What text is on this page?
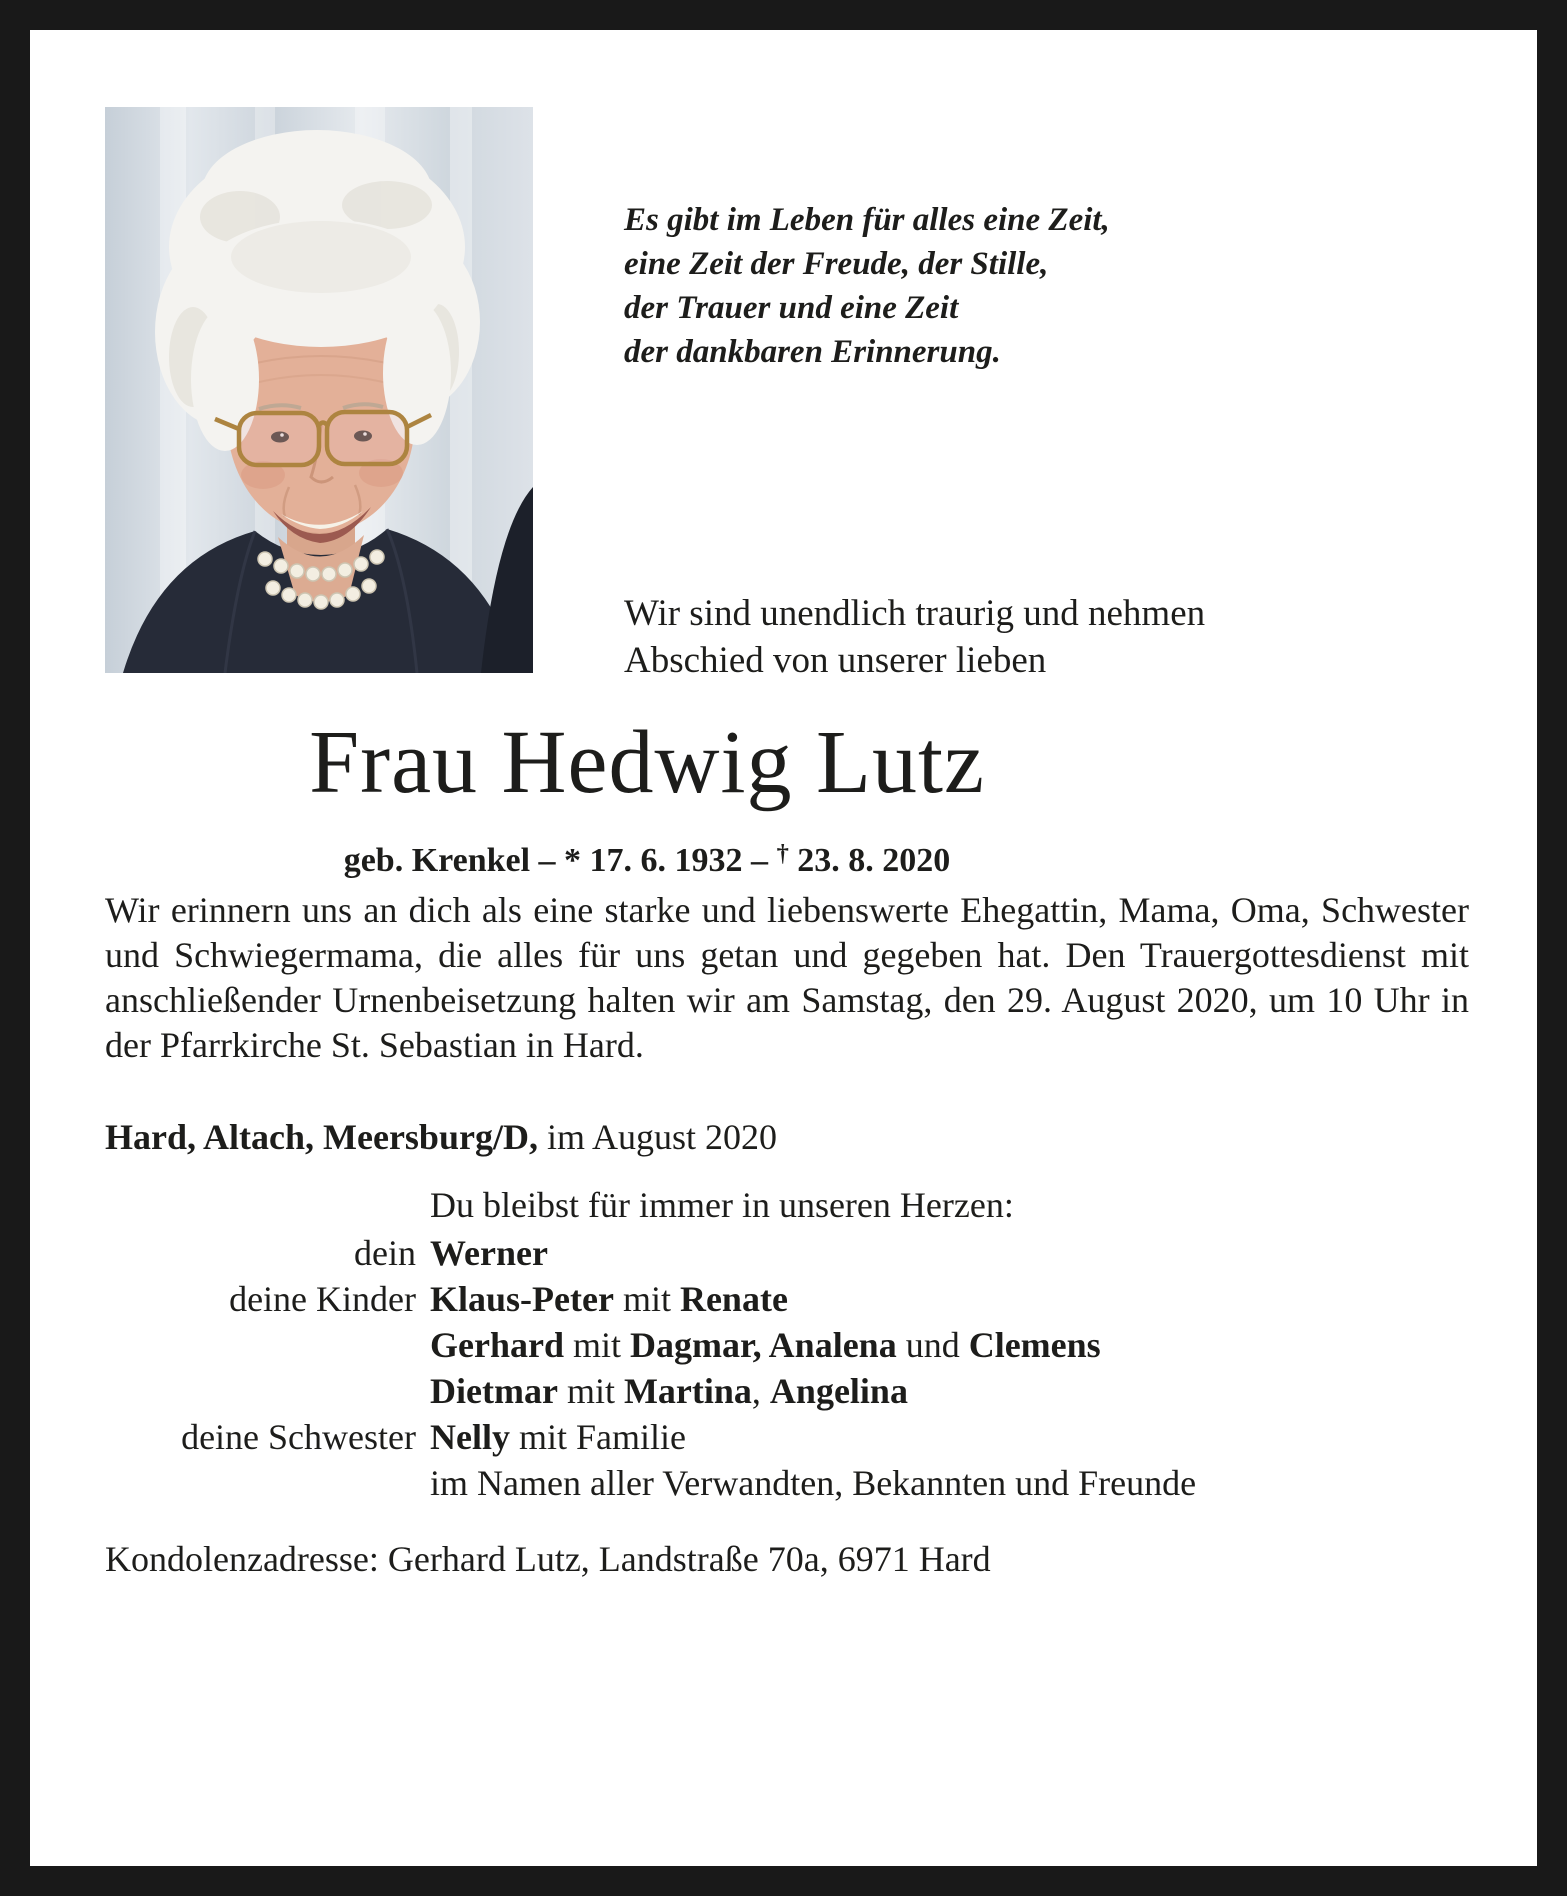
Es gibt im Leben für alles eine Zeit,
eine Zeit der Freude, der Stille,
der Trauer und eine Zeit
der dankbaren Erinnerung.
Wir sind unendlich traurig und nehmen
Abschied von unserer lieben
Frau Hedwig Lutz
geb. Krenkel – * 17. 6. 1932 – † 23. 8. 2020

Wir erinnern uns an dich als eine starke und liebenswerte Ehegattin, Mama, Oma, Schwester und Schwiegermama, die alles für uns getan und gegeben hat. Den Trauergottesdienst mit anschließender Urnenbeisetzung halten wir am Samstag, den 29. August 2020, um 10 Uhr in der Pfarrkirche St. Sebastian in Hard.

Hard, Altach, Meersburg/D, im August 2020
Du bleibst für immer in unseren Herzen:
dein Werner
deine Kinder Klaus-Peter mit Renate
Gerhard mit Dagmar, Analena und Clemens
Dietmar mit Martina, Angelina
deine Schwester Nelly mit Familie
im Namen aller Verwandten, Bekannten und Freunde
Kondolenzadresse: Gerhard Lutz, Landstraße 70a, 6971 Hard
